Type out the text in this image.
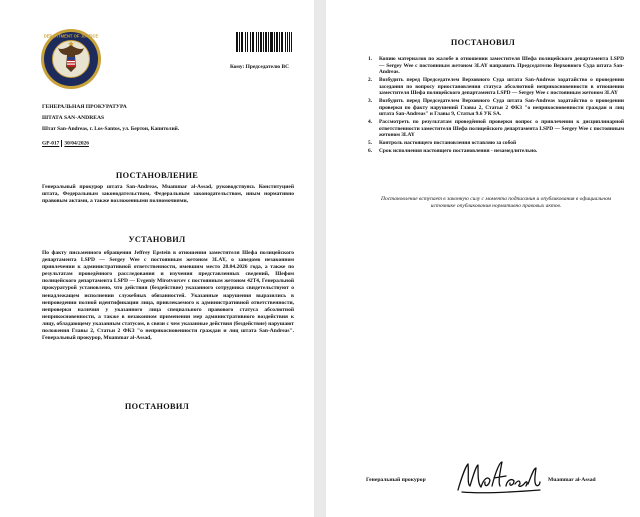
DEPARTMENT OF JUSTICE
Кому: Председателю ВС
ГЕНЕРАЛЬНАЯ ПРОКУРАТУРА
ШТАТА SAN-ANDREAS
Штат San-Andreas, г. Los-Santos, ул. Бертон, Капитолий.
GP-017 30/04/2026
ПОСТАНОВЛЕНИЕ
Генеральный прокурор штата San-Andreas, Muammar al-Assad, руководствуясь Конституцией штата, Федеральным законодательством, Федеральным законодательством, иным нормативно правовым актами, а также возложенными полномочиями,
УСТАНОВИЛ
По факту письменного обращения Jeffrey Epstein в отношении заместителя Шефа полицейского департамента LSPD — Sergey Wee с постоянным жетоном 3LAY, о заведомо незаконном привлечении к административной ответственности, имевшим место 28.04.2026 года, а также по результатам проведённого расследования и изучения представленных сведений, Шефом полицейского департамента LSPD — Evgeniy Mirotvorcev с постоянным жетоном 42T4, Генеральной прокуратурой установлено, что действия (бездействие) указанного сотрудника свидетельствуют о ненадлежащем исполнении служебных обязанностей. Указанные нарушения выразились в непроведении полной идентификации лица, привлекаемого к административной ответственности, непроверки наличия у указанного лица специального правового статуса абсолютной неприкосновенности, а также в незаконном применении мер административного воздействия к лицу, обладающему указанным статусом, в связи с чем указанные действия (бездействие) нарушают положения Главы 2, Статьи 2 ФКЗ "о неприкосновенности граждан и лиц штата San-Andreas". Генеральный прокурор, Muammar al-Assad,
ПОСТАНОВИЛ
ПОСТАНОВИЛ
1. Копию материалов по жалобе в отношении заместителя Шефа полицейского департамента LSPD — Sergey Wee с постоянным жетоном 3LAY направить Председателю Верховного Суда штата San-Andreas.
2. Возбудить перед Председателем Верховного Суда штата San-Andreas ходатайство о проведении заседания по вопросу приостановления статуса абсолютной неприкосновенности в отношении заместителя Шефа полицейского департамента LSPD — Sergey Wee с постоянным жетоном 3LAY
3. Возбудить перед Председателем Верховного Суда штата San-Andreas ходатайство о проведении проверки по факту нарушений Главы 2, Статьи 2 ФКЗ "о неприкосновенности граждан и лиц штата San-Andreas" и Главы 9, Статьи 9.6 УК SA.
4. Рассмотреть по результатам проведённой проверки вопрос о привлечении к дисциплинарной ответственности заместителя Шефа полицейского департамента LSPD — Sergey Wee с постоянным жетоном 3LAY
5. Контроль настоящего постановления оставляю за собой
6. Срок исполнения настоящего постановления - незамедлительно.
Постановление вступает в законную силу с момента подписания и опубликования в официальном источнике опубликования нормативно правовых актов.
Генеральный прокурор	Muammar al-Assad
